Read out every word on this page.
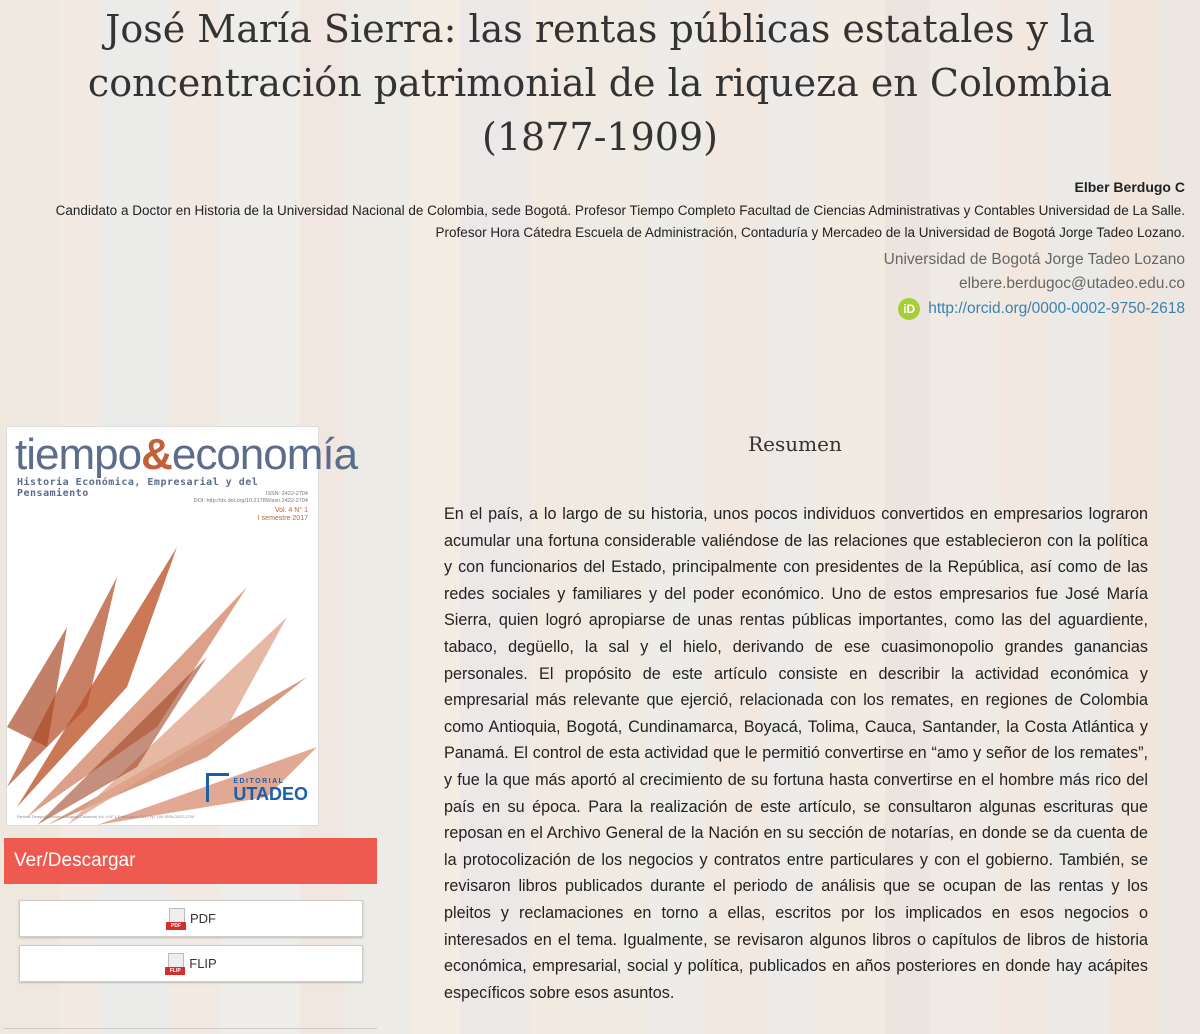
José María Sierra: las rentas públicas estatales y la concentración patrimonial de la riqueza en Colombia (1877-1909)
Elber Berdugo C
Candidato a Doctor en Historia de la Universidad Nacional de Colombia, sede Bogotá. Profesor Tiempo Completo Facultad de Ciencias Administrativas y Contables Universidad de La Salle.
Profesor Hora Cátedra Escuela de Administración, Contaduría y Mercadeo de la Universidad de Bogotá Jorge Tadeo Lozano.
Universidad de Bogotá Jorge Tadeo Lozano
elbere.berdugoc@utadeo.edu.co
iD http://orcid.org/0000-0002-9750-2618
tiempo&economía
Historia Económica, Empresarial y del Pensamiento	ISSN: 2422-2704
DOI: http://dx.doi.org/10.21789/issn.2422-2704
Vol. 4 N° 1
I semestre 2017
EDITORIAL
UTADEO
Revista Tiempo&economía Bogotá-Colombia Vol. 4 N° 1 Enero-junio 2017 Pp. 109 ISSN 2422-2704
Ver/Descargar
PDF PDF
FLIP FLIP
Resumen

En el país, a lo largo de su historia, unos pocos individuos convertidos en empresarios lograron acumular una fortuna considerable valiéndose de las relaciones que establecieron con la política y con funcionarios del Estado, principalmente con presidentes de la República, así como de las redes sociales y familiares y del poder económico. Uno de estos empresarios fue José María Sierra, quien logró apropiarse de unas rentas públicas importantes, como las del aguardiente, tabaco, degüello, la sal y el hielo, derivando de ese cuasimonopolio grandes ganancias personales. El propósito de este artículo consiste en describir la actividad económica y empresarial más relevante que ejerció, relacionada con los remates, en regiones de Colombia como Antioquia, Bogotá, Cundinamarca, Boyacá, Tolima, Cauca, Santander, la Costa Atlántica y Panamá. El control de esta actividad que le permitió convertirse en “amo y señor de los remates”, y fue la que más aportó al crecimiento de su fortuna hasta convertirse en el hombre más rico del país en su época. Para la realización de este artículo, se consultaron algunas escrituras que reposan en el Archivo General de la Nación en su sección de notarías, en donde se da cuenta de la protocolización de los negocios y contratos entre particulares y con el gobierno. También, se revisaron libros publicados durante el periodo de análisis que se ocupan de las rentas y los pleitos y reclamaciones en torno a ellas, escritos por los implicados en esos negocios o interesados en el tema. Igualmente, se revisaron algunos libros o capítulos de libros de historia económica, empresarial, social y política, publicados en años posteriores en donde hay acápites específicos sobre esos asuntos.
